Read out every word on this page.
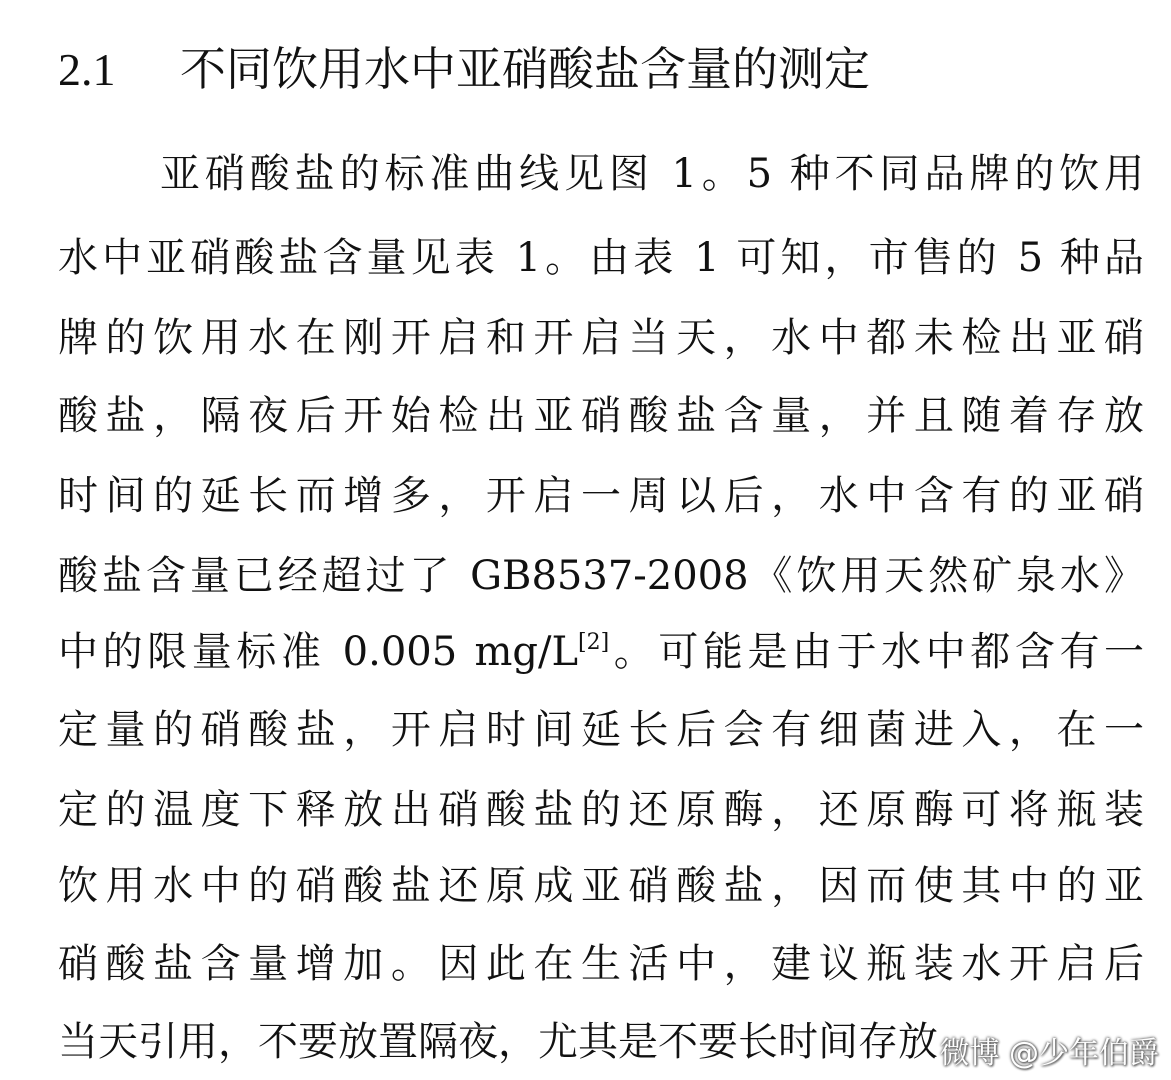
2.1 不同饮用水中亚硝酸盐含量的测定
亚硝酸盐的标准曲线见图 1。5 种不同品牌的饮用
水中亚硝酸盐含量见表 1。由表 1 可知，市售的 5 种品
牌的饮用水在刚开启和开启当天，水中都未检出亚硝
酸盐，隔夜后开始检出亚硝酸盐含量，并且随着存放
时间的延长而增多，开启一周以后，水中含有的亚硝
酸盐含量已经超过了 GB8537-2008《饮用天然矿泉水》
中的限量标准 0.005 mg/L[2]。可能是由于水中都含有一
定量的硝酸盐，开启时间延长后会有细菌进入，在一
定的温度下释放出硝酸盐的还原酶，还原酶可将瓶装
饮用水中的硝酸盐还原成亚硝酸盐，因而使其中的亚
硝酸盐含量增加。因此在生活中，建议瓶装水开启后
当天引用，不要放置隔夜，尤其是不要长时间存放 微博 @少年伯爵
